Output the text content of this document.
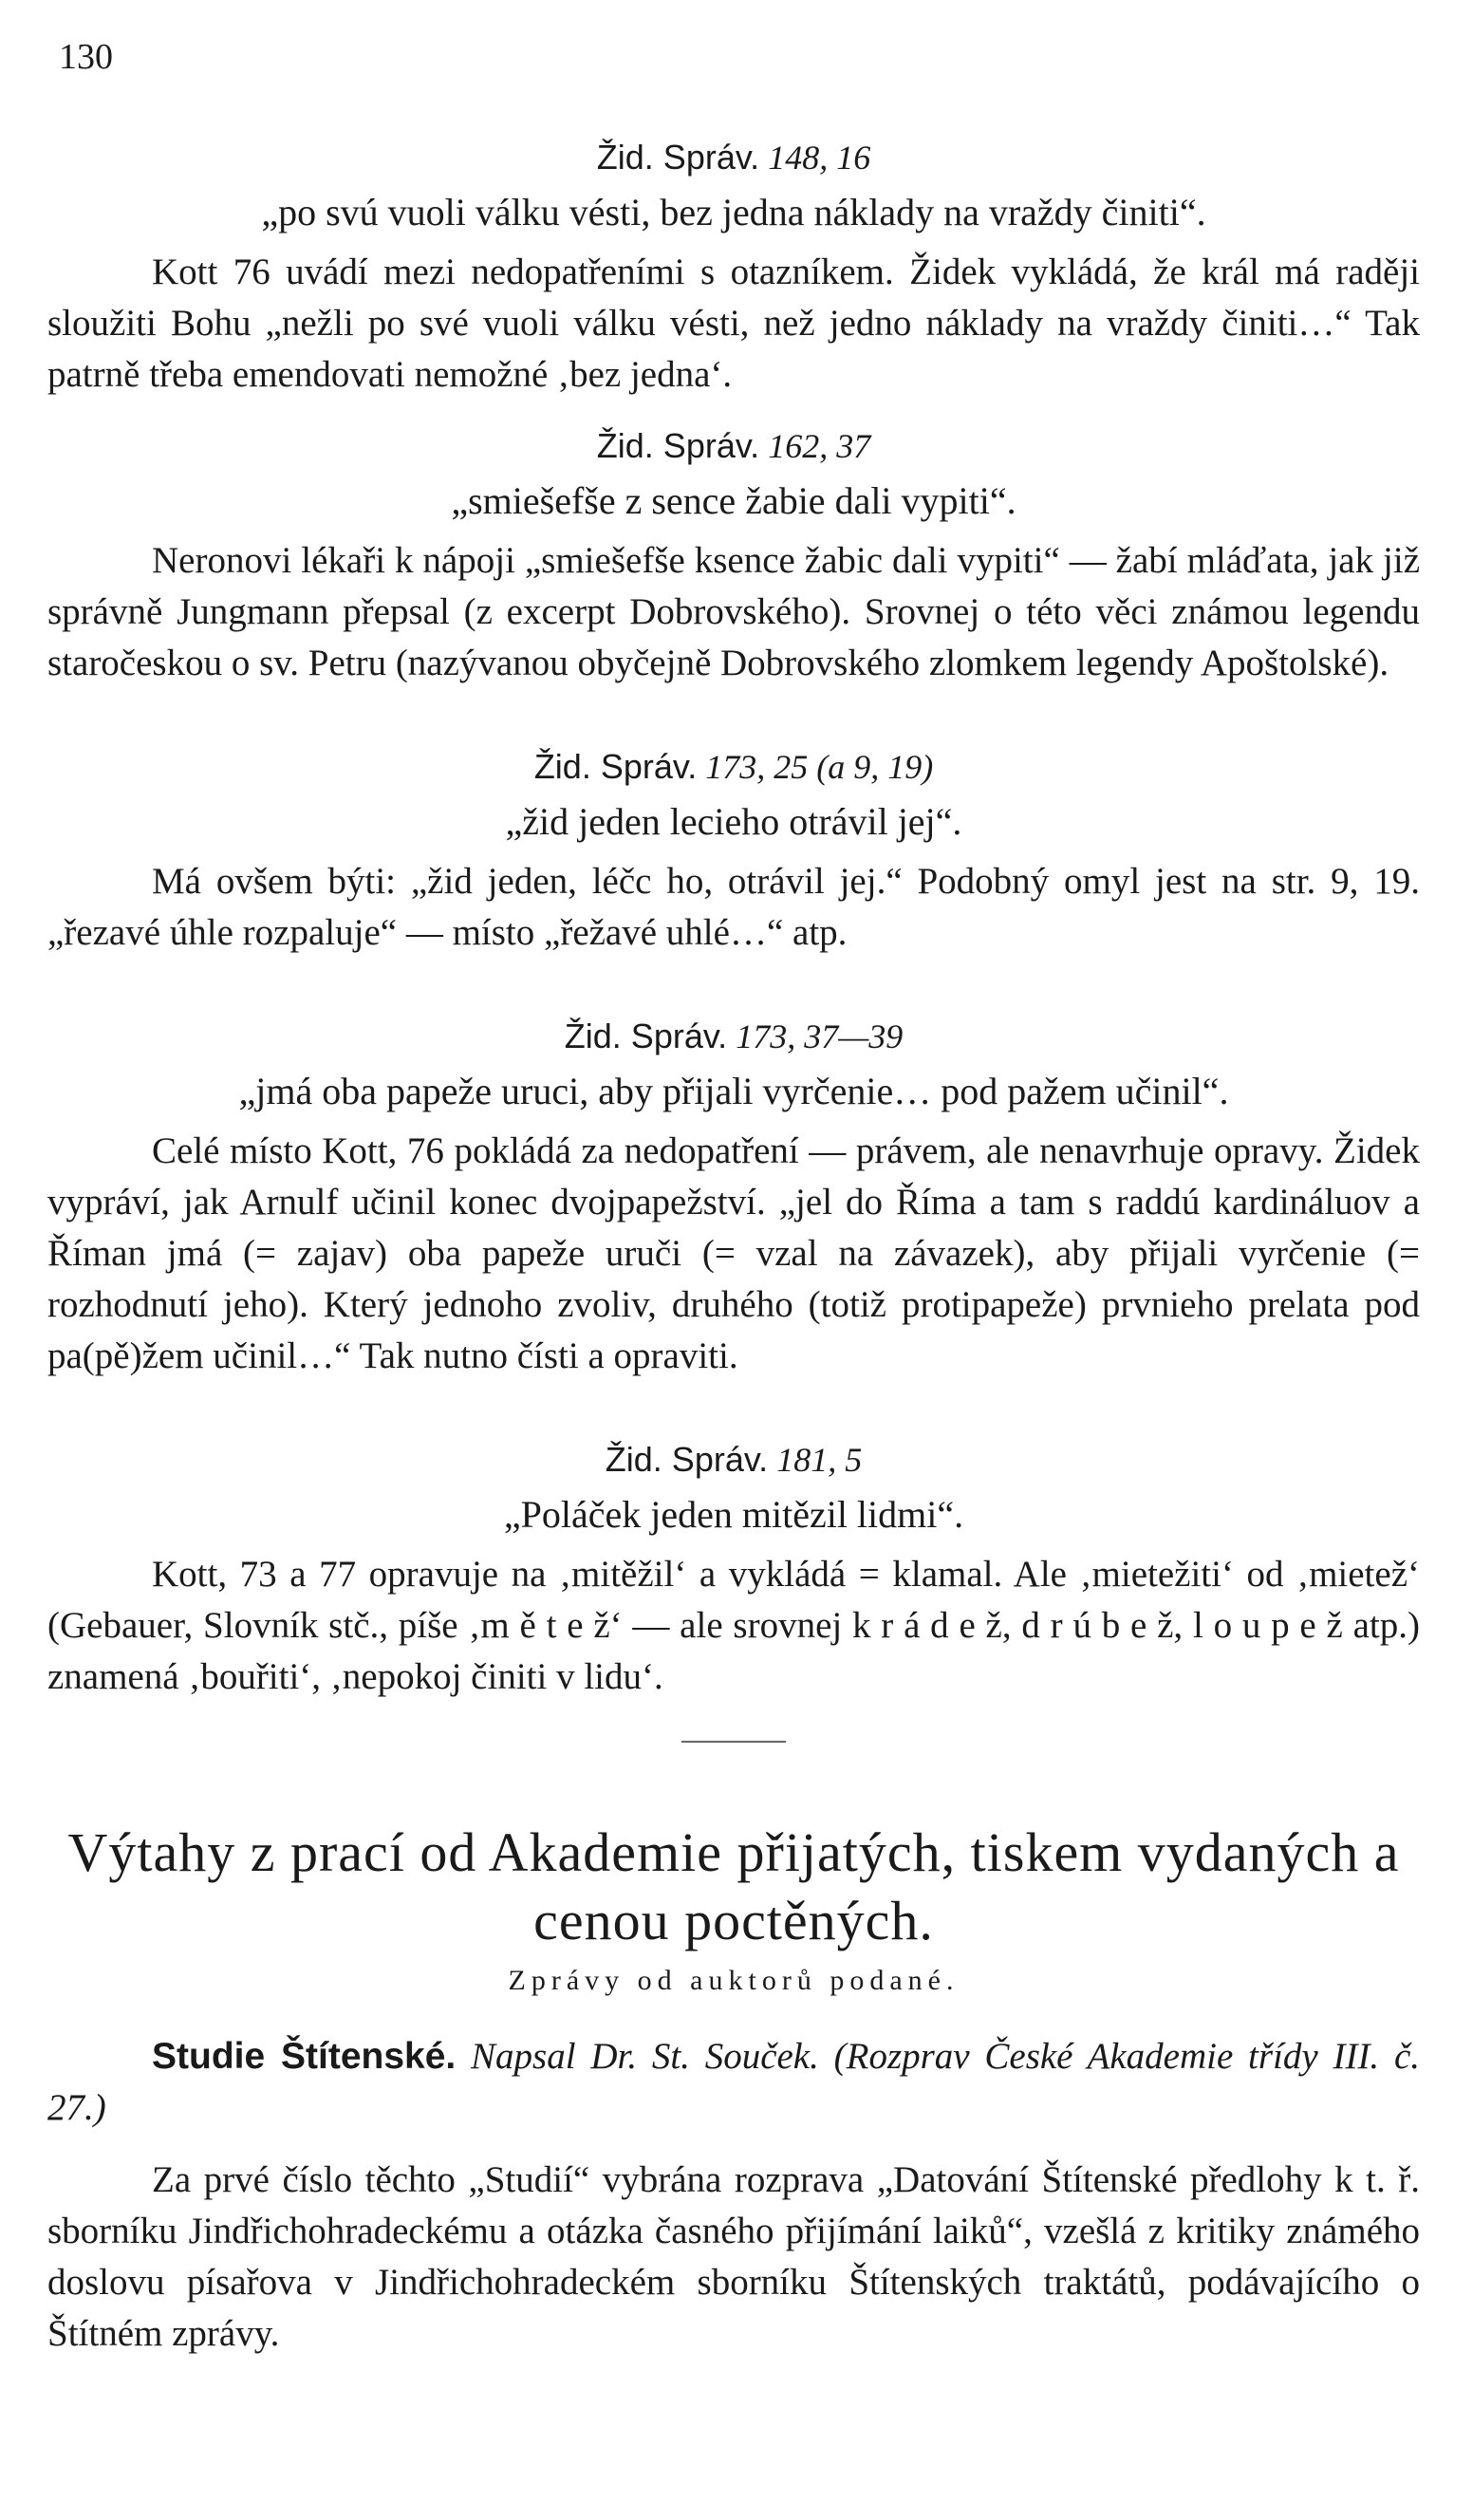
130

Žid. Správ. 148, 16

„po svú vuoli válku vésti, bez jedna náklady na vraždy činiti“.

Kott 76 uvádí mezi nedopatřeními s otazníkem. Židek vykládá, že král má raději sloužiti Bohu „nežli po své vuoli válku vésti, než jedno náklady na vraždy činiti…“ Tak patrně třeba emendovati nemožné ‚bez jedna‘.

Žid. Správ. 162, 37

„smiešefše z sence žabie dali vypiti“.

Neronovi lékaři k nápoji „smiešefše ksence žabic dali vypiti“ — žabí mláďata, jak již správně Jungmann přepsal (z excerpt Dobrovského). Srovnej o této věci známou legendu staročeskou o sv. Petru (nazývanou obyčejně Dobrovského zlomkem legendy Apoštolské).

Žid. Správ. 173, 25 (a 9, 19)

„žid jeden lecieho otrávil jej“.

Má ovšem býti: „žid jeden, léčc ho, otrávil jej.“ Podobný omyl jest na str. 9, 19. „řezavé úhle rozpaluje“ — místo „řežavé uhlé…“ atp.

Žid. Správ. 173, 37—39

„jmá oba papeže uruci, aby přijali vyrčenie… pod pažem učinil“.

Celé místo Kott, 76 pokládá za nedopatření — právem, ale nenavrhuje opravy. Židek vypráví, jak Arnulf učinil konec dvojpapežství. „jel do Říma a tam s raddú kardináluov a Říman jmá (= zajav) oba papeže uruči (= vzal na závazek), aby přijali vyrčenie (= rozhodnutí jeho). Který jednoho zvoliv, druhého (totiž protipapeže) prvnieho prelata pod pa(pě)žem učinil…“ Tak nutno čísti a opraviti.

Žid. Správ. 181, 5

„Poláček jeden mitězil lidmi“.

Kott, 73 a 77 opravuje na ‚mitěžil‘ a vykládá = klamal. Ale ‚mietežiti‘ od ‚mietež‘ (Gebauer, Slovník stč., píše ‚m ě t e ž‘ — ale srovnej k r á d e ž, d r ú b e ž, l o u p e ž atp.) znamená ‚bouřiti‘, ‚nepokoj činiti v lidu‘.

Výtahy z prací od Akademie přijatých, tiskem vydaných a cenou poctěných.

Zprávy od auktorů podané.

Studie Štítenské. Napsal Dr. St. Souček. (Rozprav České Akademie třídy III. č. 27.)

Za prvé číslo těchto „Studií“ vybrána rozprava „Datování Štítenské předlohy k t. ř. sborníku Jindřichohradeckému a otázka časného přijímání laiků“, vzešlá z kritiky známého doslovu písařova v Jindřichohradeckém sborníku Štítenských traktátů, podávajícího o Štítném zprávy.
